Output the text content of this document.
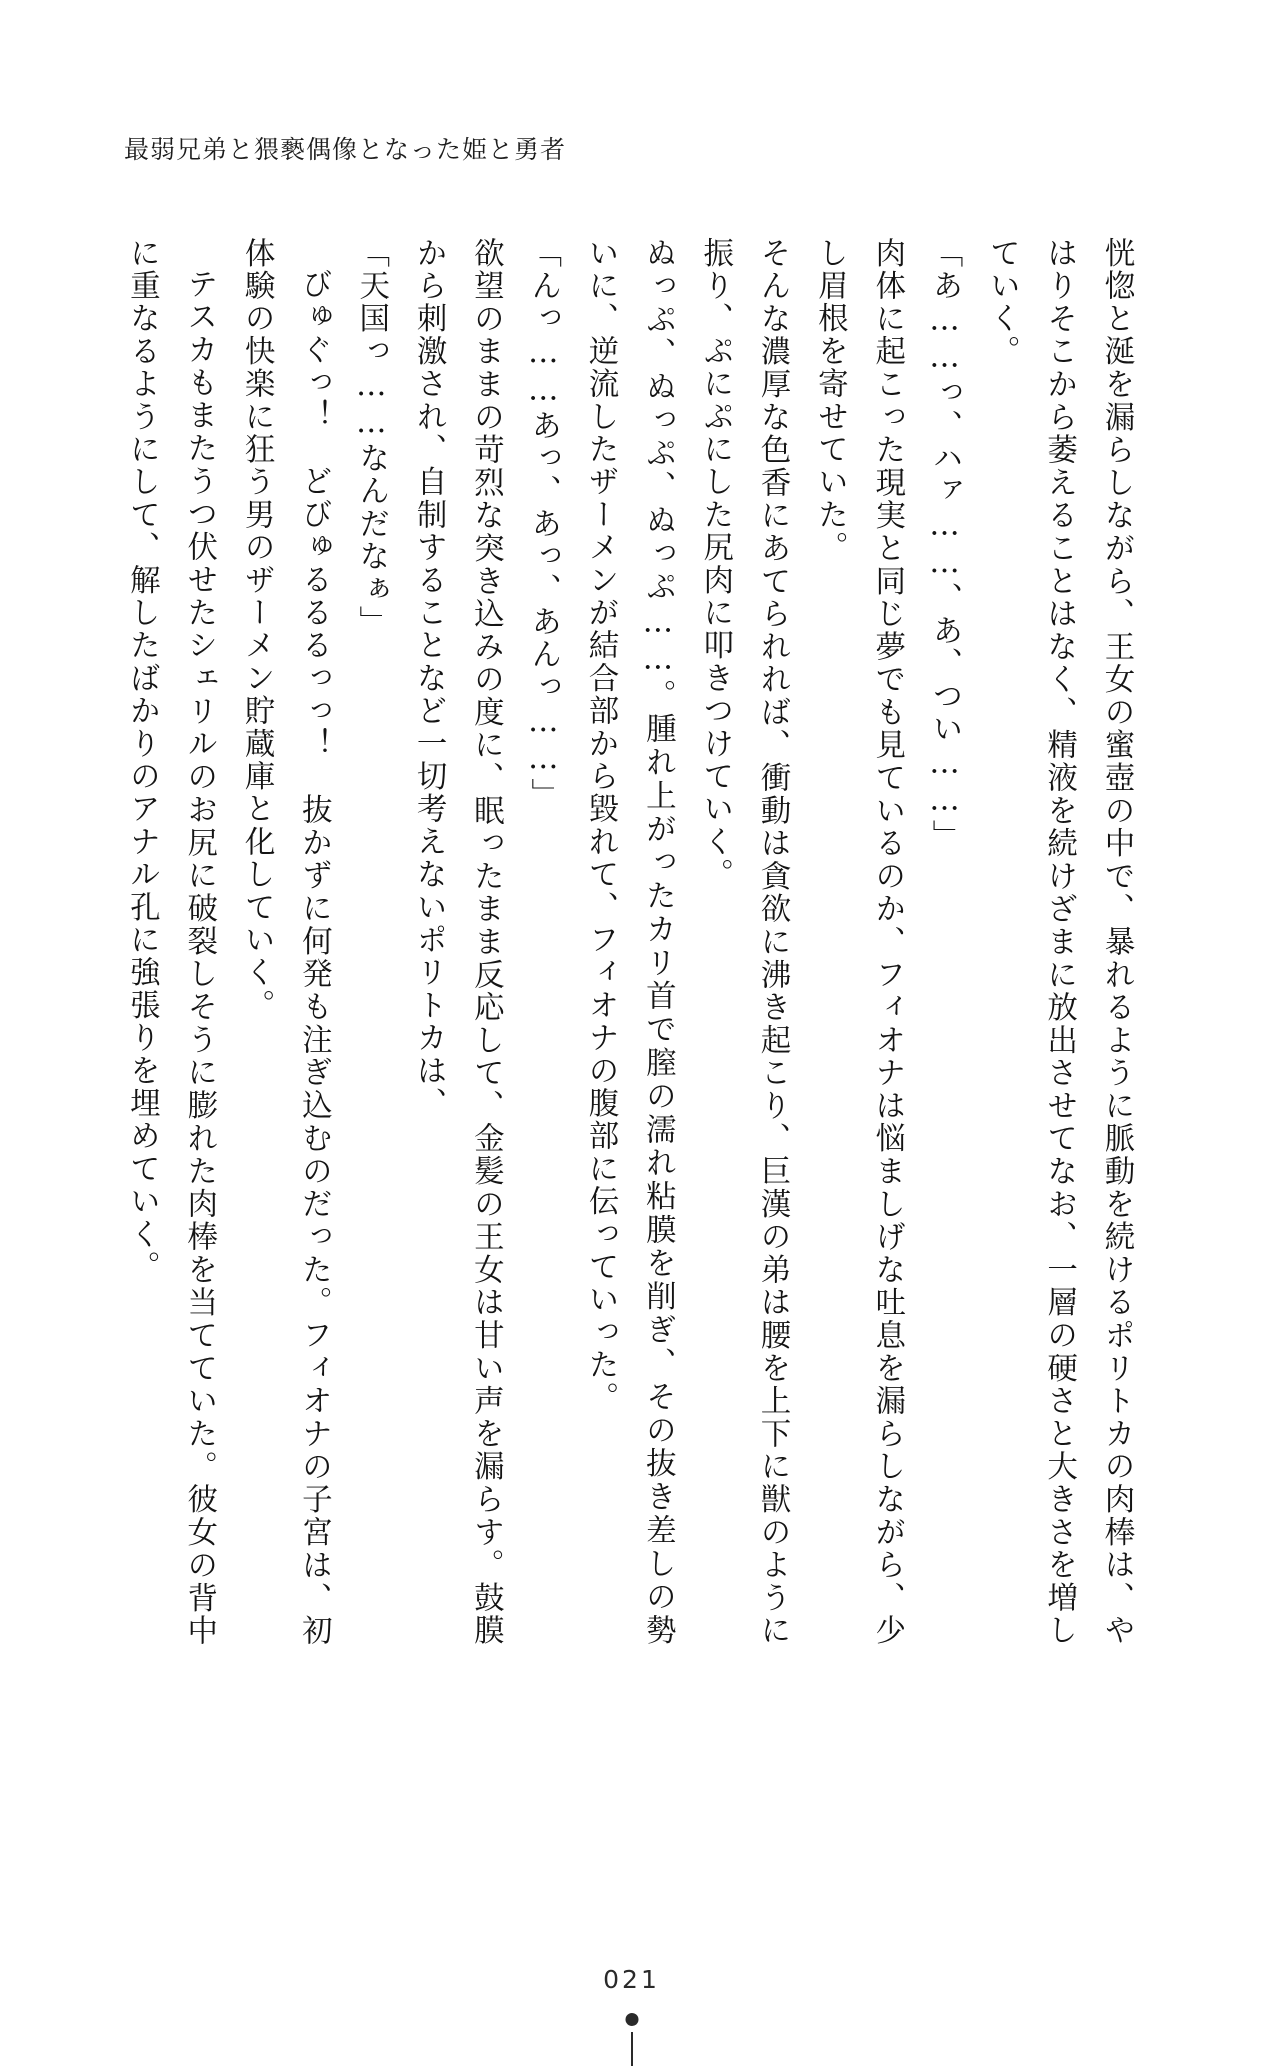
最弱兄弟と猥褻偶像となった姫と勇者

恍惚と涎を漏らしながら、王女の蜜壺の中で、暴れるように脈動を続けるポリトカの肉棒は、やはりそこから萎えることはなく、精液を続けざまに放出させてなお、一層の硬さと大きさを増していく。

「あ……っ、ハァ……、あ、つい……」

肉体に起こった現実と同じ夢でも見ているのか、フィオナは悩ましげな吐息を漏らしながら、少し眉根を寄せていた。

そんな濃厚な色香にあてられれば、衝動は貪欲に沸き起こり、巨漢の弟は腰を上下に獣のように振り、ぷにぷにした尻肉に叩きつけていく。

ぬっぷ、ぬっぷ、ぬっぷ……。腫れ上がったカリ首で膣の濡れ粘膜を削ぎ、その抜き差しの勢いに、逆流したザーメンが結合部から毀れて、フィオナの腹部に伝っていった。

「んっ……あっ、あっ、あんっ……」

欲望のままの苛烈な突き込みの度に、眠ったまま反応して、金髪の王女は甘い声を漏らす。鼓膜から刺激され、自制することなど一切考えないポリトカは、

「天国っ……なんだなぁ」

びゅぐっ！　どびゅるるるっっ！　抜かずに何発も注ぎ込むのだった。フィオナの子宮は、初体験の快楽に狂う男のザーメン貯蔵庫と化していく。

テスカもまたうつ伏せたシェリルのお尻に破裂しそうに膨れた肉棒を当てていた。彼女の背中に重なるようにして、解したばかりのアナル孔に強張りを埋めていく。

021
